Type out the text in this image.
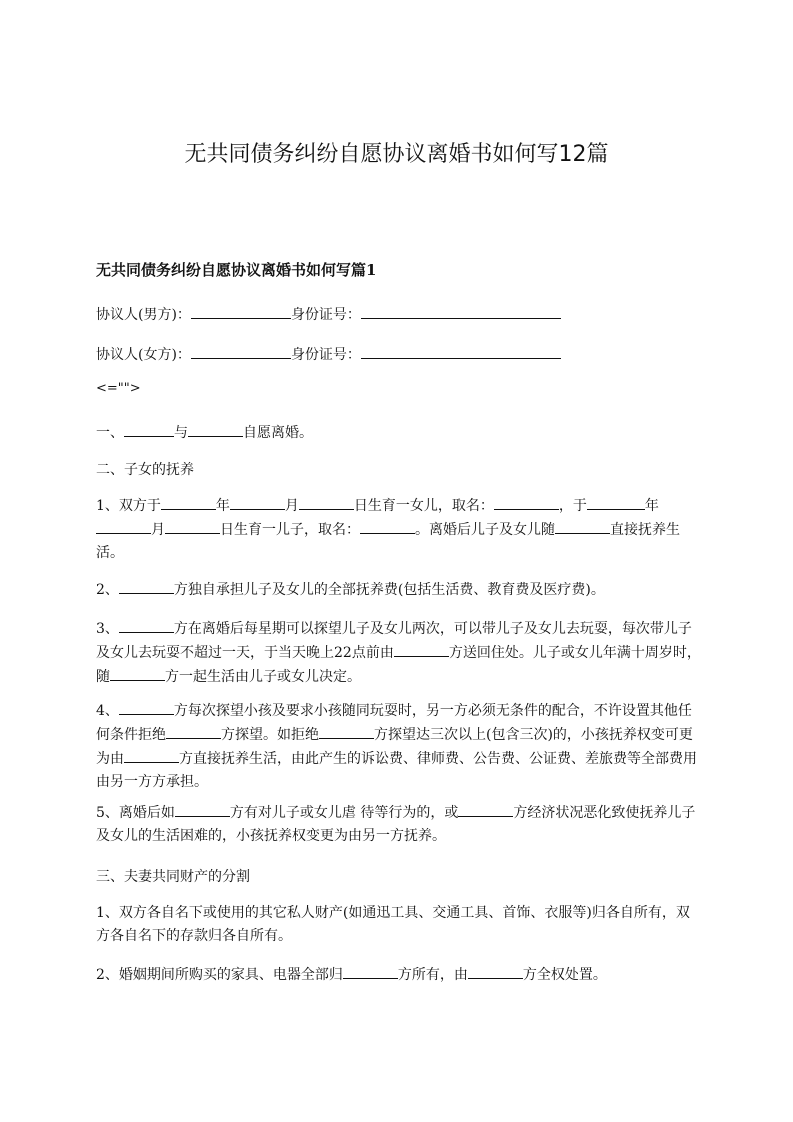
无共同债务纠纷自愿协议离婚书如何写12篇
无共同债务纠纷自愿协议离婚书如何写篇1
协议人(男方)：	身份证号：
协议人(女方)：	身份证号：
<="">
一、	与	自愿离婚。
二、子女的抚养
1、双方于	年	月	日生育一女儿，取名：	，于	年月	日生育一儿子，取名：	。离婚后儿子及女儿随	直接抚养生活。
2、	方独自承担儿子及女儿的全部抚养费(包括生活费、教育费及医疗费)。
3、	方在离婚后每星期可以探望儿子及女儿两次，可以带儿子及女儿去玩耍，每次带儿子及女儿去玩耍不超过一天，于当天晚上22点前由	方送回住处。儿子或女儿年满十周岁时，随	方一起生活由儿子或女儿决定。
4、	方每次探望小孩及要求小孩随同玩耍时，另一方必须无条件的配合，不许设置其他任何条件拒绝	方探望。如拒绝	方探望达三次以上(包含三次)的，小孩抚养权变可更为由	方直接抚养生活，由此产生的诉讼费、律师费、公告费、公证费、差旅费等全部费用由另一方方承担。
5、离婚后如	方有对儿子或女儿虐 待等行为的，或	方经济状况恶化致使抚养儿子及女儿的生活困难的，小孩抚养权变更为由另一方抚养。
三、夫妻共同财产的分割
1、双方各自名下或使用的其它私人财产(如通迅工具、交通工具、首饰、衣服等)归各自所有，双方各自名下的存款归各自所有。
2、婚姻期间所购买的家具、电器全部归	方所有，由	方全权处置。
